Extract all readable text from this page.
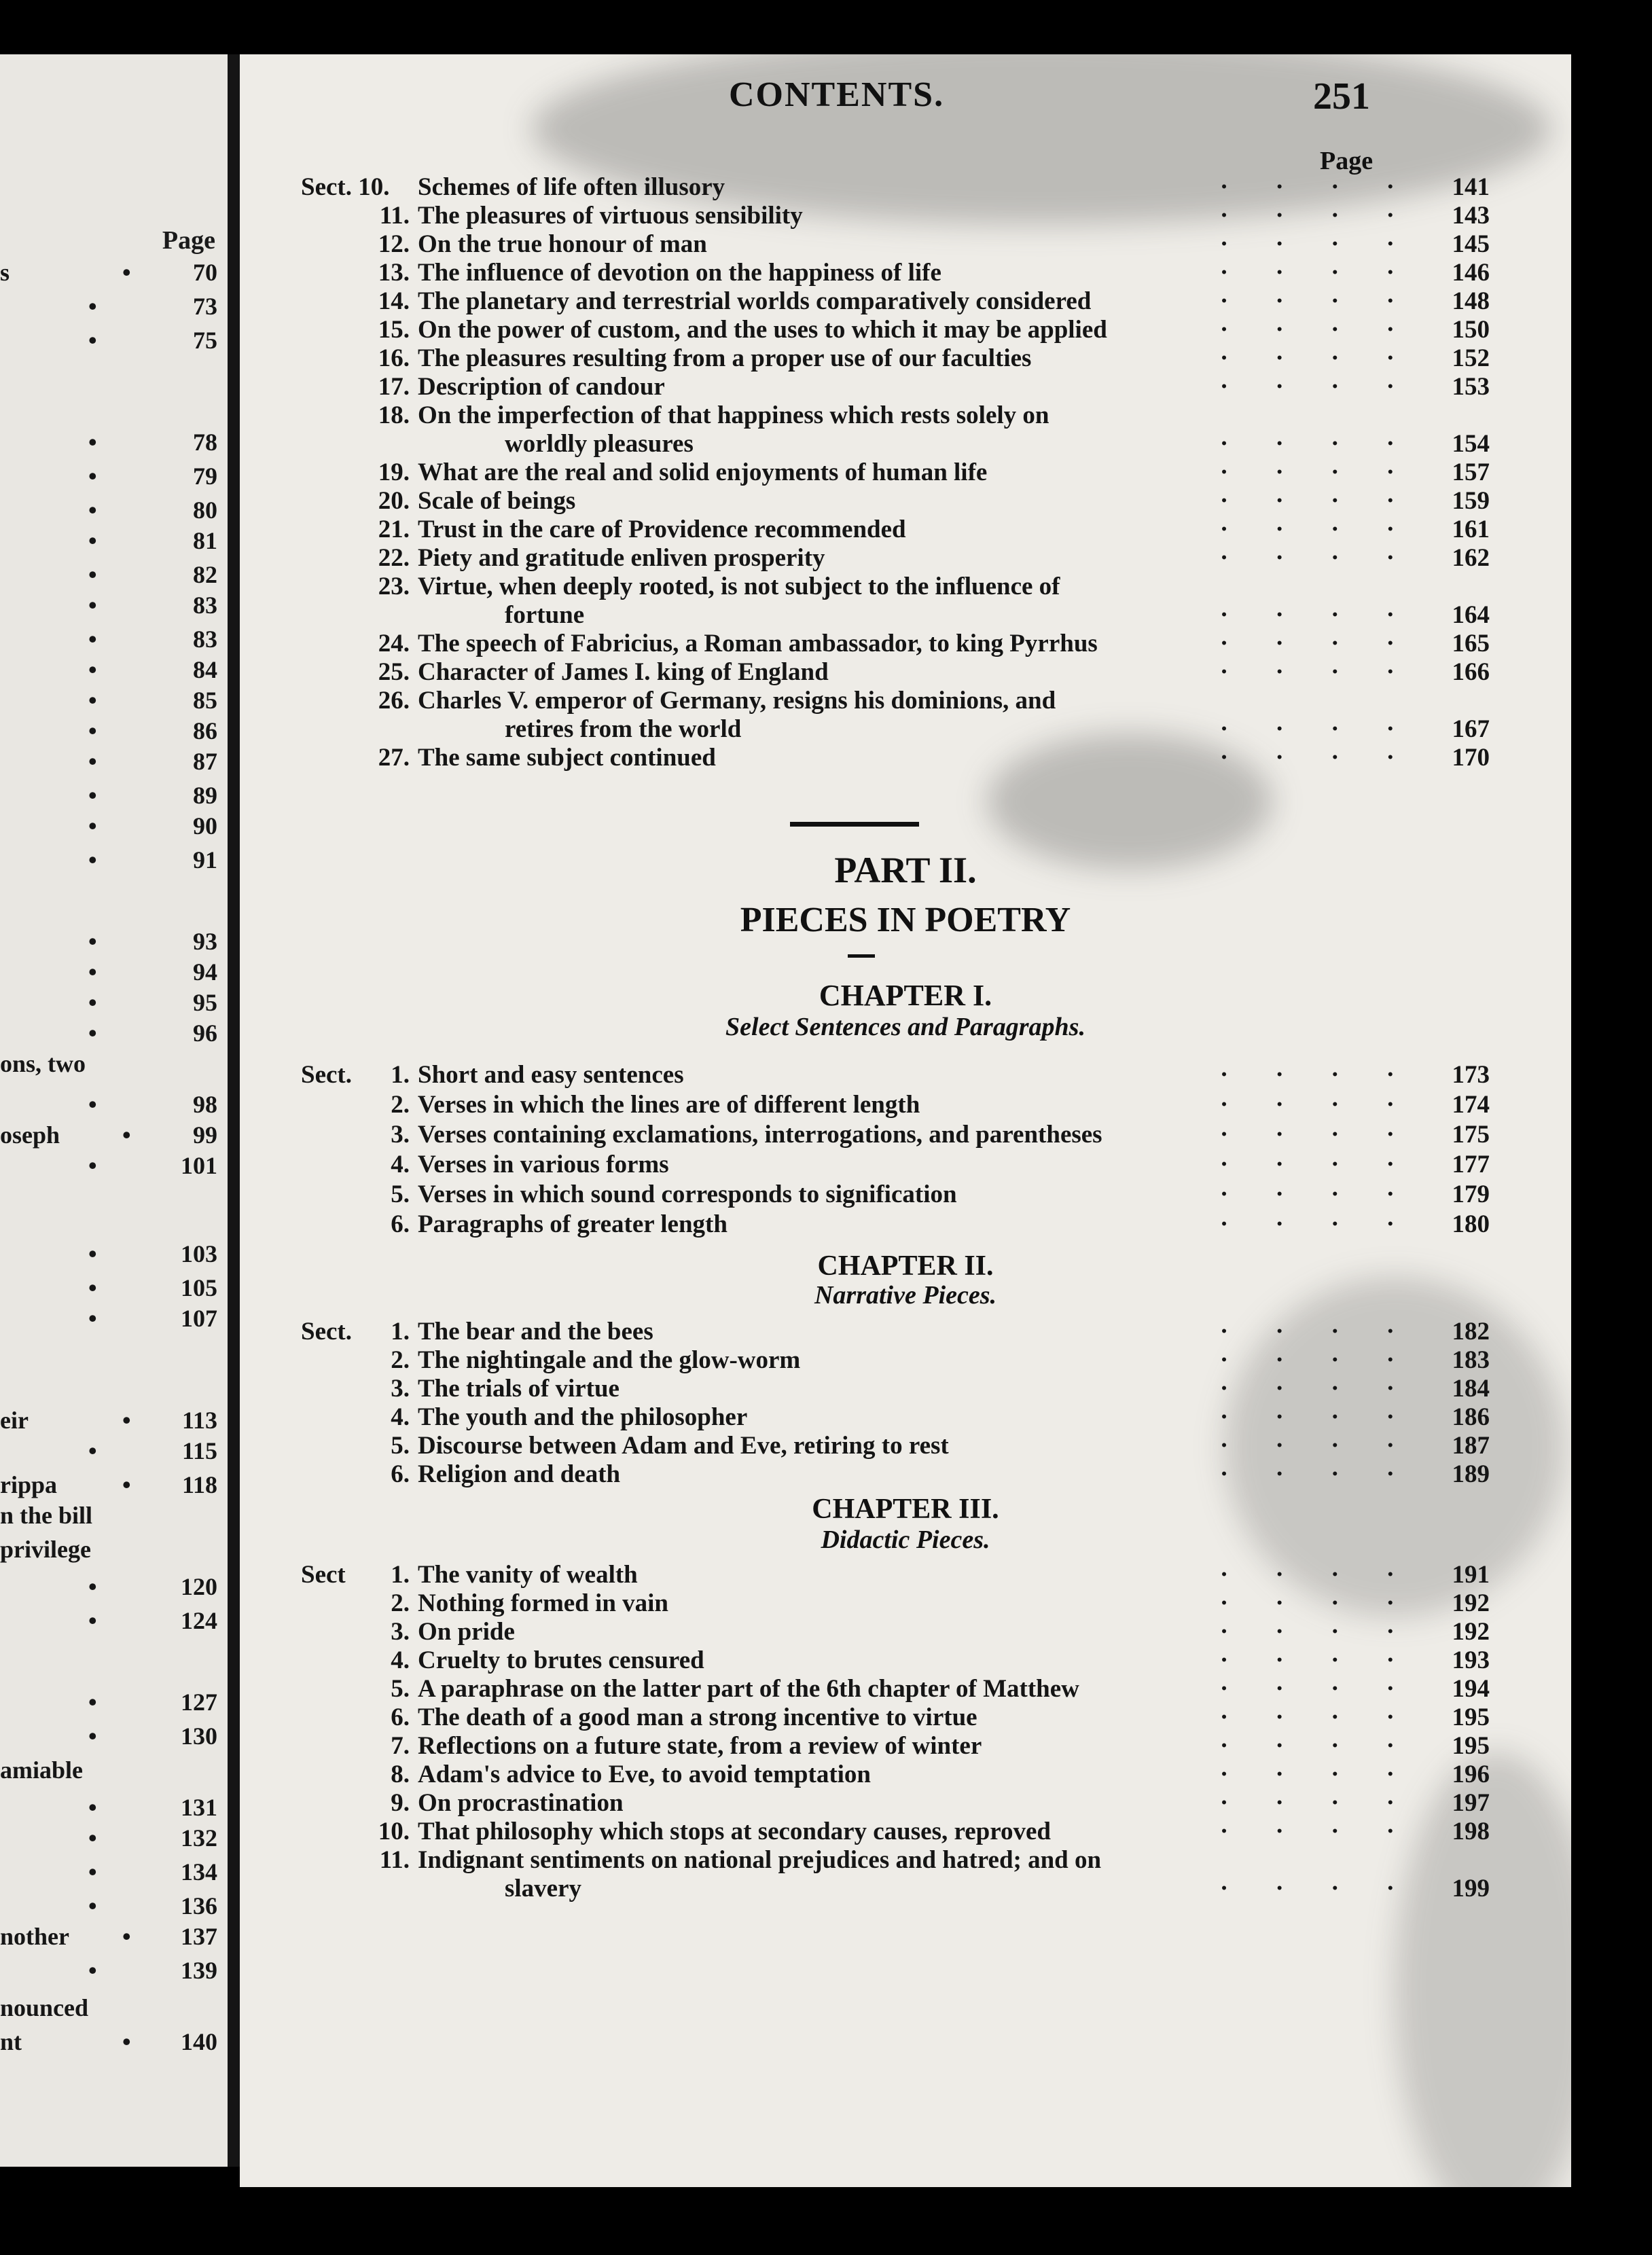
Page
s	•	70
•	73
•	75
•	78
•	79
•	80
•	81
•	82
•	83
•	83
•	84
•	85
•	86
•	87
•	89
•	90
•	91
•	93
•	94
•	95
•	96
ons, two
•	98
oseph	•	99
•	101
•	103
•	105
•	107
eir	• 113
•	115
rippa	• 118
n the bill
privilege
•	120
•	124
•	127
•	130
amiable
•	131
•	132
•	134
•	136
nother • 137
•	139
nounced
nt	• 140
CONTENTS.	251
Page
Sect. 10. Schemes of life often illusory	· · · · 141
11. The pleasures of virtuous sensibility	· · · · 143
12. On the true honour of man	· · · · 145
13. The influence of devotion on the happiness of life	· · · · 146
14. The planetary and terrestrial worlds comparatively considered	· · · · 148
15. On the power of custom, and the uses to which it may be applied	· · · · 150
16. The pleasures resulting from a proper use of our faculties	· · · · 152
17. Description of candour	· · · · 153
18. On the imperfection of that happiness which rests solely on
worldly pleasures	· · · · 154
19. What are the real and solid enjoyments of human life	· · · · 157
20. Scale of beings	· · · · 159
21. Trust in the care of Providence recommended	· · · · 161
22. Piety and gratitude enliven prosperity	· · · · 162
23. Virtue, when deeply rooted, is not subject to the influence of
fortune	· · · · 164
24. The speech of Fabricius, a Roman ambassador, to king Pyrrhus	· · · · 165
25. Character of James I. king of England	· · · · 166
26. Charles V. emperor of Germany, resigns his dominions, and
retires from the world	· · · · 167
27. The same subject continued	· · · · 170
PART II.
PIECES IN POETRY
CHAPTER I.
Select Sentences and Paragraphs.
Sect.	1. Short and easy sentences	· · · · 173
2. Verses in which the lines are of different length	· · · · 174
3. Verses containing exclamations, interrogations, and parentheses	· · · · 175
4. Verses in various forms	· · · · 177
5. Verses in which sound corresponds to signification	· · · · 179
6. Paragraphs of greater length	· · · · 180
CHAPTER II.
Narrative Pieces.
Sect.	1. The bear and the bees	· · · · 182
2. The nightingale and the glow-worm	· · · · 183
3. The trials of virtue	· · · · 184
4. The youth and the philosopher	· · · · 186
5. Discourse between Adam and Eve, retiring to rest	· · · · 187
6. Religion and death	· · · · 189
CHAPTER III.
Didactic Pieces.
Sect	1. The vanity of wealth	· · · · 191
2. Nothing formed in vain	· · · · 192
3. On pride	· · · · 192
4. Cruelty to brutes censured	· · · · 193
5. A paraphrase on the latter part of the 6th chapter of Matthew	· · · · 194
6. The death of a good man a strong incentive to virtue	· · · · 195
7. Reflections on a future state, from a review of winter	· · · · 195
8. Adam's advice to Eve, to avoid temptation	· · · · 196
9. On procrastination	· · · · 197
10. That philosophy which stops at secondary causes, reproved	· · · · 198
11. Indignant sentiments on national prejudices and hatred; and on
slavery	· · · · 199
